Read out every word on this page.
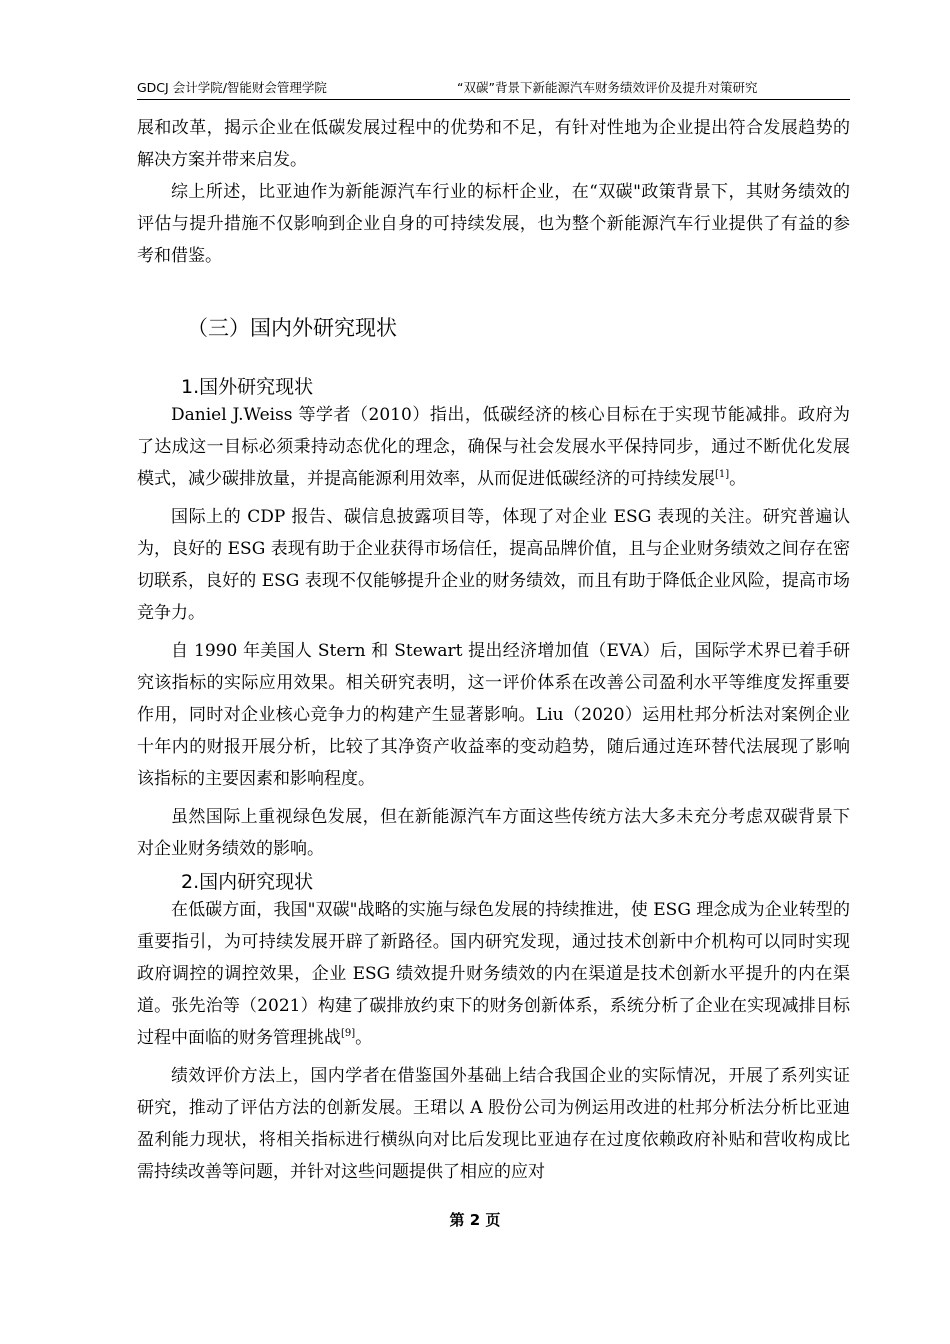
GDCJ 会计学院/智能财会管理学院	“双碳”背景下新能源汽车财务绩效评价及提升对策研究

展和改革，揭示企业在低碳发展过程中的优势和不足，有针对性地为企业提出符合发展趋势的解决方案并带来启发。

综上所述，比亚迪作为新能源汽车行业的标杆企业，在“双碳"政策背景下，其财务绩效的评估与提升措施不仅影响到企业自身的可持续发展，也为整个新能源汽车行业提供了有益的参考和借鉴。

（三）国内外研究现状
1.国外研究现状

Daniel J.Weiss 等学者（2010）指出，低碳经济的核心目标在于实现节能减排。政府为了达成这一目标必须秉持动态优化的理念，确保与社会发展水平保持同步，通过不断优化发展模式，减少碳排放量，并提高能源利用效率，从而促进低碳经济的可持续发展[1]。

国际上的 CDP 报告、碳信息披露项目等，体现了对企业 ESG 表现的关注。研究普遍认为，良好的 ESG 表现有助于企业获得市场信任，提高品牌价值，且与企业财务绩效之间存在密切联系，良好的 ESG 表现不仅能够提升企业的财务绩效，而且有助于降低企业风险，提高市场竞争力。

自 1990 年美国人 Stern 和 Stewart 提出经济增加值（EVA）后，国际学术界已着手研究该指标的实际应用效果。相关研究表明，这一评价体系在改善公司盈利水平等维度发挥重要作用，同时对企业核心竞争力的构建产生显著影响。Liu（2020）运用杜邦分析法对案例企业十年内的财报开展分析，比较了其净资产收益率的变动趋势，随后通过连环替代法展现了影响该指标的主要因素和影响程度。

虽然国际上重视绿色发展，但在新能源汽车方面这些传统方法大多未充分考虑双碳背景下对企业财务绩效的影响。

2.国内研究现状

在低碳方面，我国"双碳"战略的实施与绿色发展的持续推进，使 ESG 理念成为企业转型的重要指引，为可持续发展开辟了新路径。国内研究发现，通过技术创新中介机构可以同时实现政府调控的调控效果，企业 ESG 绩效提升财务绩效的内在渠道是技术创新水平提升的内在渠道。张先治等（2021）构建了碳排放约束下的财务创新体系，系统分析了企业在实现减排目标过程中面临的财务管理挑战[9]。

绩效评价方法上，国内学者在借鉴国外基础上结合我国企业的实际情况，开展了系列实证研究，推动了评估方法的创新发展。王珺以 A 股份公司为例运用改进的杜邦分析法分析比亚迪盈利能力现状，将相关指标进行横纵向对比后发现比亚迪存在过度依赖政府补贴和营收构成比需持续改善等问题，并针对这些问题提供了相应的应对

第 2 页
